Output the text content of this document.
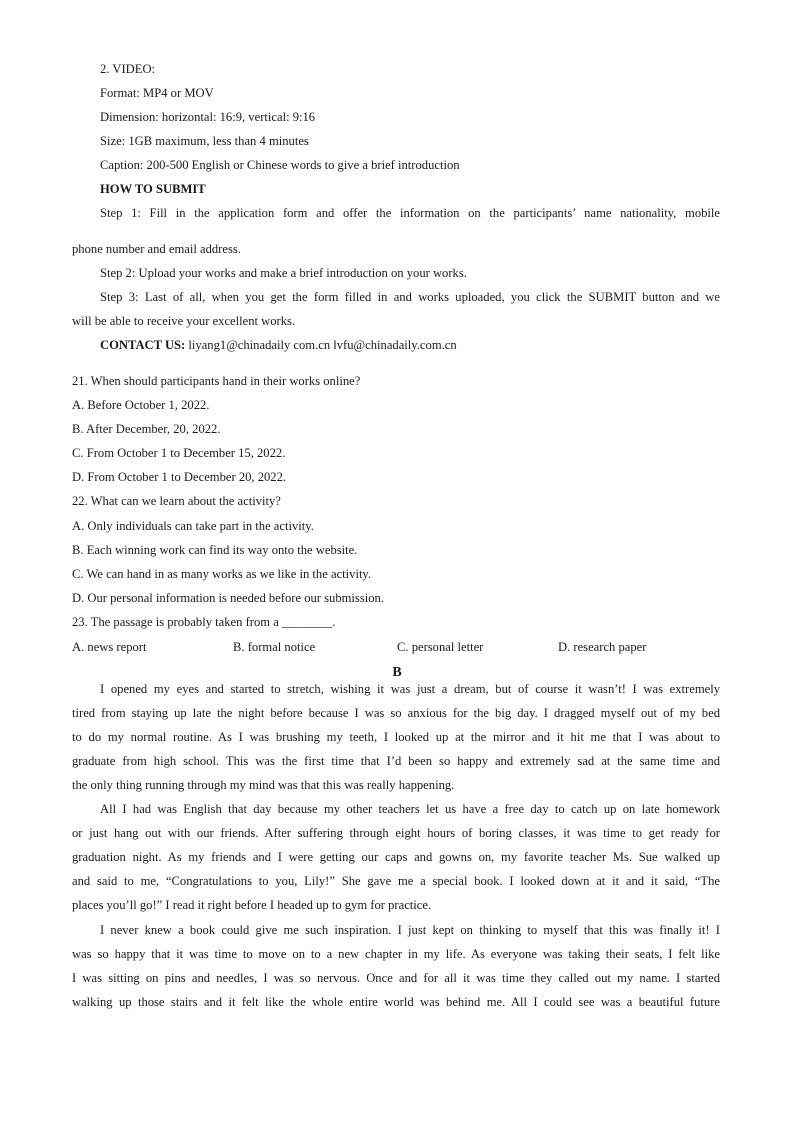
2. VIDEO:
Format: MP4 or MOV
Dimension: horizontal: 16:9, vertical: 9:16
Size: 1GB maximum, less than 4 minutes
Caption: 200-500 English or Chinese words to give a brief introduction
HOW TO SUBMIT
Step 1: Fill in the application form and offer the information on the participants’ name nationality, mobile
phone number and email address.
Step 2: Upload your works and make a brief introduction on your works.
Step 3: Last of all, when you get the form filled in and works uploaded, you click the SUBMIT button and we
will be able to receive your excellent works.
CONTACT US: liyang1@chinadaily com.cn lvfu@chinadaily.com.cn
21. When should participants hand in their works online?
A. Before October 1, 2022.
B. After December, 20, 2022.
C. From October 1 to December 15, 2022.
D. From October 1 to December 20, 2022.
22. What can we learn about the activity?
A. Only individuals can take part in the activity.
B. Each winning work can find its way onto the website.
C. We can hand in as many works as we like in the activity.
D. Our personal information is needed before our submission.
23. The passage is probably taken from a ________.
A. news report	B. formal notice	C. personal letter	D. research paper
B
I opened my eyes and started to stretch, wishing it was just a dream, but of course it wasn’t! I was extremely
tired from staying up late the night before because I was so anxious for the big day. I dragged myself out of my bed
to do my normal routine. As I was brushing my teeth, I looked up at the mirror and it hit me that I was about to
graduate from high school. This was the first time that I’d been so happy and extremely sad at the same time and
the only thing running through my mind was that this was really happening.
All I had was English that day because my other teachers let us have a free day to catch up on late homework
or just hang out with our friends. After suffering through eight hours of boring classes, it was time to get ready for
graduation night. As my friends and I were getting our caps and gowns on, my favorite teacher Ms. Sue walked up
and said to me, “Congratulations to you, Lily!” She gave me a special book. I looked down at it and it said, “The
places you’ll go!” I read it right before I headed up to gym for practice.
I never knew a book could give me such inspiration. I just kept on thinking to myself that this was finally it! I
was so happy that it was time to move on to a new chapter in my life. As everyone was taking their seats, I felt like
I was sitting on pins and needles, I was so nervous. Once and for all it was time they called out my name. I started
walking up those stairs and it felt like the whole entire world was behind me. All I could see was a beautiful future
